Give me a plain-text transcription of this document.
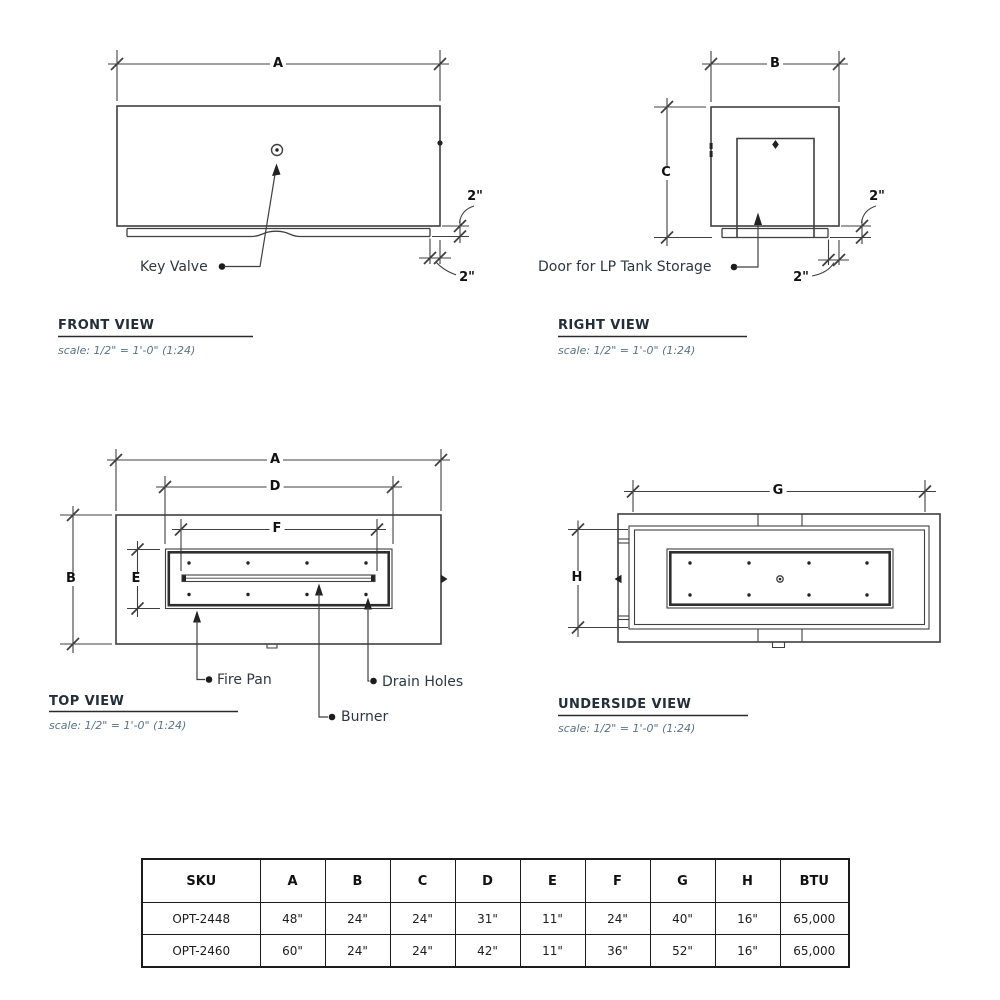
A
2"
2"
B
C
2"
2"
A
D
F
B	E
G
H
Key Valve	Door for LP Tank Storage
Fire Pan	Drain Holes
Burner
FRONT VIEW
scale: 1/2" = 1'-0" (1:24)
RIGHT VIEW
scale: 1/2" = 1'-0" (1:24)
TOP VIEW
scale: 1/2" = 1'-0" (1:24)
UNDERSIDE VIEW
scale: 1/2" = 1'-0" (1:24)
SKU	A	B	C	D	E	F	G	H	BTU
OPT-2448	48"	24"	24"	31"	11"	24"	40"	16"	65,000
OPT-2460	60"	24"	24"	42"	11"	36"	52"	16"	65,000
